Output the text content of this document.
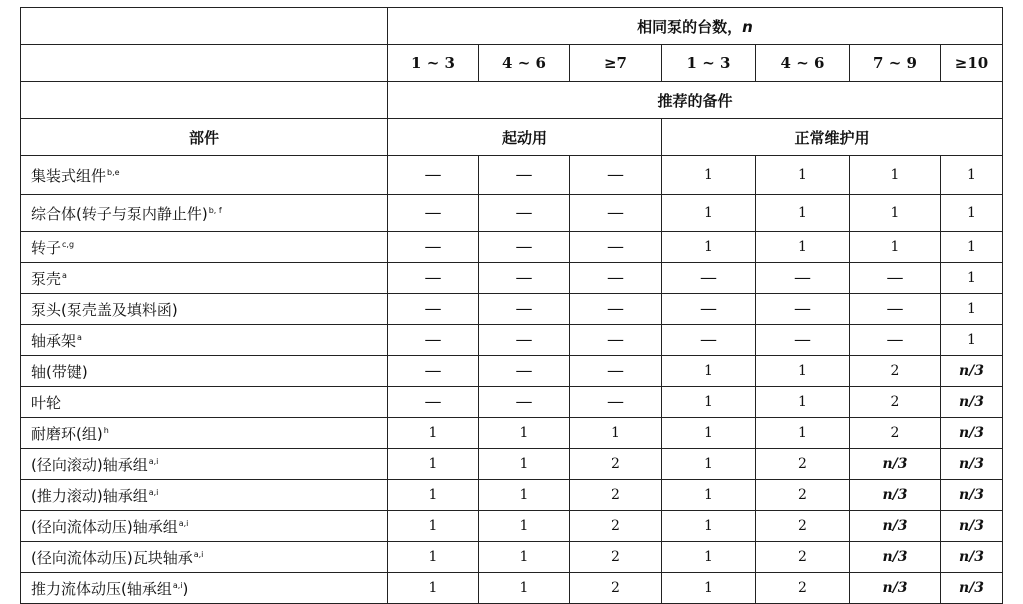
	相同泵的台数，n						
	1 ~ 3	4 ~ 6	≥7	1 ~ 3	4 ~ 6	7 ~ 9	≥10
	推荐的备件						
部件	起动用			正常维护用			
集装式组件$^{b,e}$	—	—	—	1	1	1	1
综合体(转子与泵内静止件)$^{b, f}$	—	—	—	1	1	1	1
转子$^{c,g}$	—	—	—	1	1	1	1
泵壳$^a$	—	—	—	—	—	—	1
泵头(泵壳盖及填料函)	—	—	—	—	—	—	1
轴承架$^a$	—	—	—	—	—	—	1
轴(带键)	—	—	—	1	1	2	n/3
叶轮	—	—	—	1	1	2	n/3
耐磨环(组)$^h$	1	1	1	1	1	2	n/3
(径向滚动)轴承组$^{a,i}$	1	1	2	1	2	n/3	n/3
(推力滚动)轴承组$^{a,i}$	1	1	2	1	2	n/3	n/3
(径向流体动压)轴承组$^{a,i}$	1	1	2	1	2	n/3	n/3
(径向流体动压)瓦块轴承$^{a,i}$	1	1	2	1	2	n/3	n/3
推力流体动压(轴承组$^{a,i}$)	1	1	2	1	2	n/3	n/3
